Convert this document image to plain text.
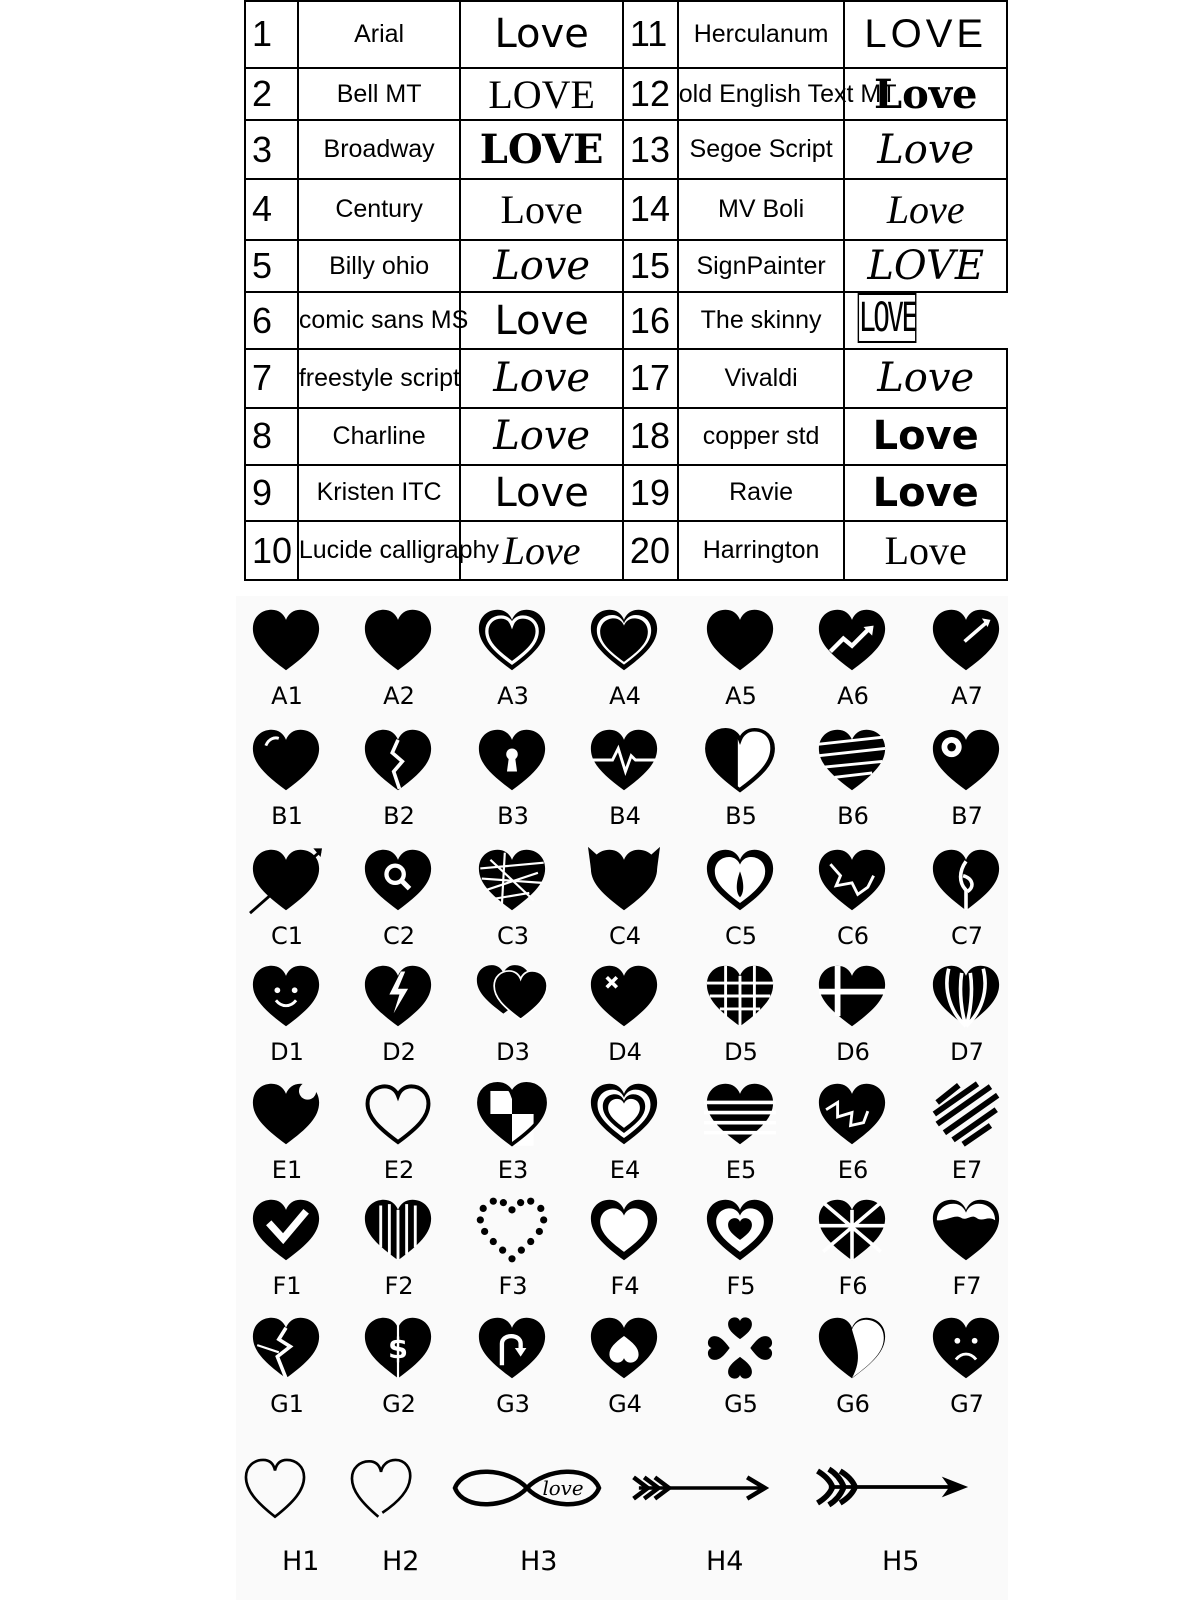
1	Arial	Love	11	Herculanum	LOVE
2	Bell MT	LOVE	12	old English Text MT	Love
3	Broadway	LOVE	13	Segoe Script	Love
4	Century	Love	14	MV Boli	Love
5	Billy ohio	Love	15	SignPainter	LOVE
6	comic sans MS	Love	16	The skinny	LOVE
7	freestyle script	Love	17	Vivaldi	Love
8	Charline	Love	18	copper std	Love
9	Kristen ITC	Love	19	Ravie	Love
10	Lucide calligraphy	Love	20	Harrington	Love
A1	A2	A3	A4	A5	A6	A7
B1	B2	B3	B4	B5	B6	B7
C1	C2	C3	C4	C5	C6	C7
D1	D2	D3	D4	D5	D6	D7
E1	E2	E3	E4	E5	E6	E7
F1	F2	F3	F4	F5	F6	F7
G1
$
G2	G3	G4	G5	G6	G7
H1 H2
love
H3	H4	H5
